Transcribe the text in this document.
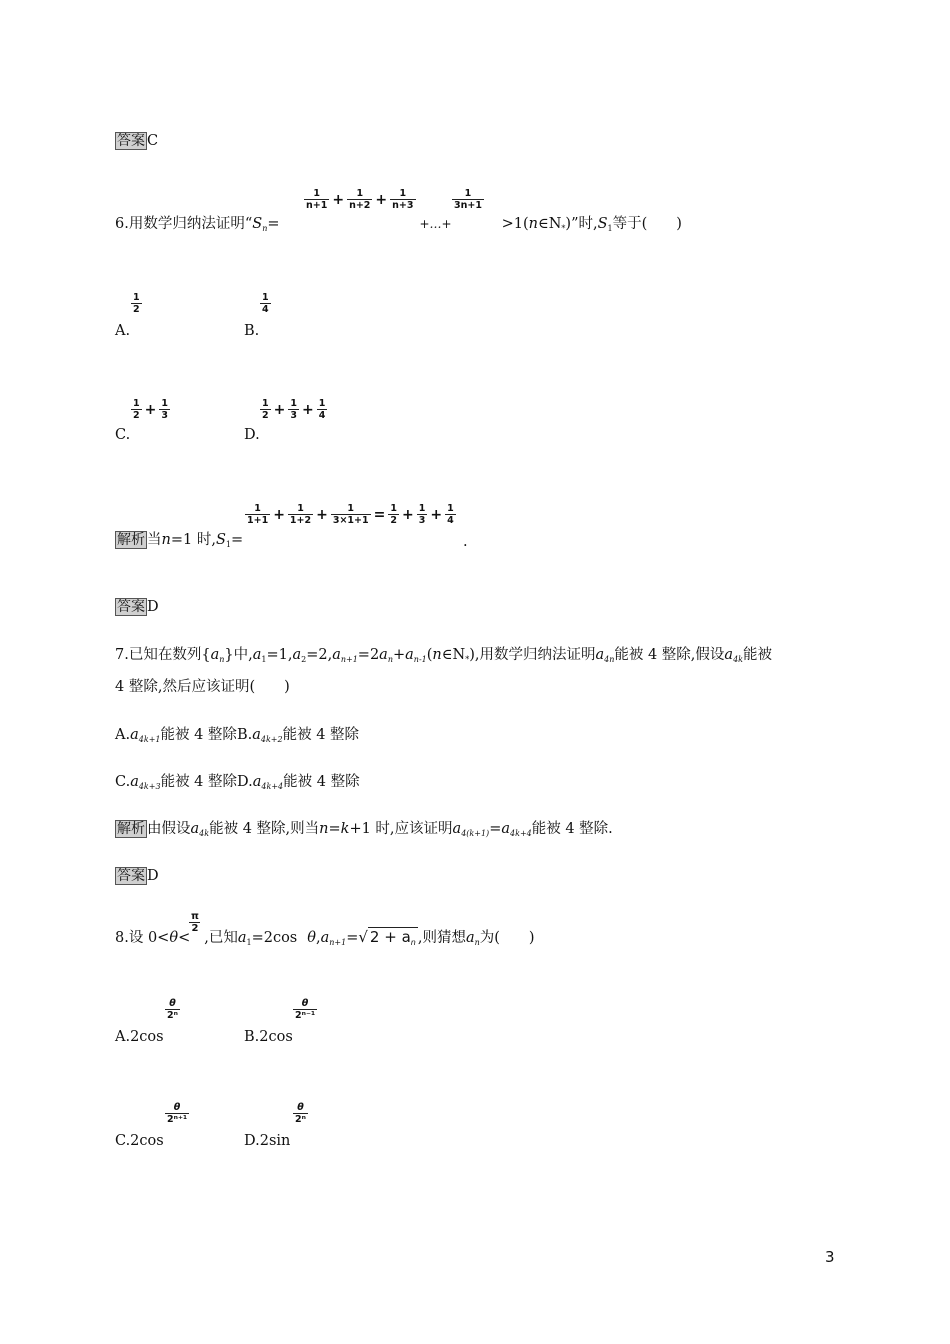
答案 C
$\frac{1}{n+1} + \frac{1}{n+2} + \frac{1}{n+3}$	$\frac{1}{3n+1}$
6.用数学归纳法证明“$S_n=$	+…+	$>1(n\in N_*)$”时$,S_1$等于(　　)
$\frac{1}{2}$
A.
$\frac{1}{4}$
B.
$\frac{1}{2} + \frac{1}{3}$
C.
$\frac{1}{2} + \frac{1}{3} + \frac{1}{4}$
D.
$\frac{1}{1+1} + \frac{1}{1+2} + \frac{1}{3\times 1+1} = \frac{1}{2} + \frac{1}{3} + \frac{1}{4}$
解析 当n=1 时$,S_1=$	.
答案 D
7.已知在数列$\{a_n\}$中$,a_1=1,a_2=2,a_{n+1}=2a_n+a_{n-1}(n\in N_*)$,用数学归纳法证明$a_{4n}$能被 4 整除,假设$a_{4k}$能被
4 整除,然后应该证明(　　)
$A.a_{4k+1}$能被 4 整除$B.a_{4k+2}$能被 4 整除
$C.a_{4k+3}$能被 4 整除$D.a_{4k+4}$能被 4 整除
解析 由假设$a_{4k}$能被 4 整除,则当n=k+1 时,应该证明$a_{4(k+1)}=a_{4k+4}$能被 4 整除.
答案 D
$\frac{\pi}{2}$
8.设 0<θ< ,已知$a_1=2\cos$ $\theta,a_{n+1}=√$ $2 + a_n$ ,则猜想$a_n$为(　　)
$\frac{\theta}{\text{2ⁿ}}$
A.2cos
$\frac{\theta}{\text{2ⁿ⁻¹}}$
B.2cos
$\frac{\theta}{\text{2ⁿ⁺¹}}$
C.2cos
$\frac{\theta}{\text{2ⁿ}}$
D.2sin
3
